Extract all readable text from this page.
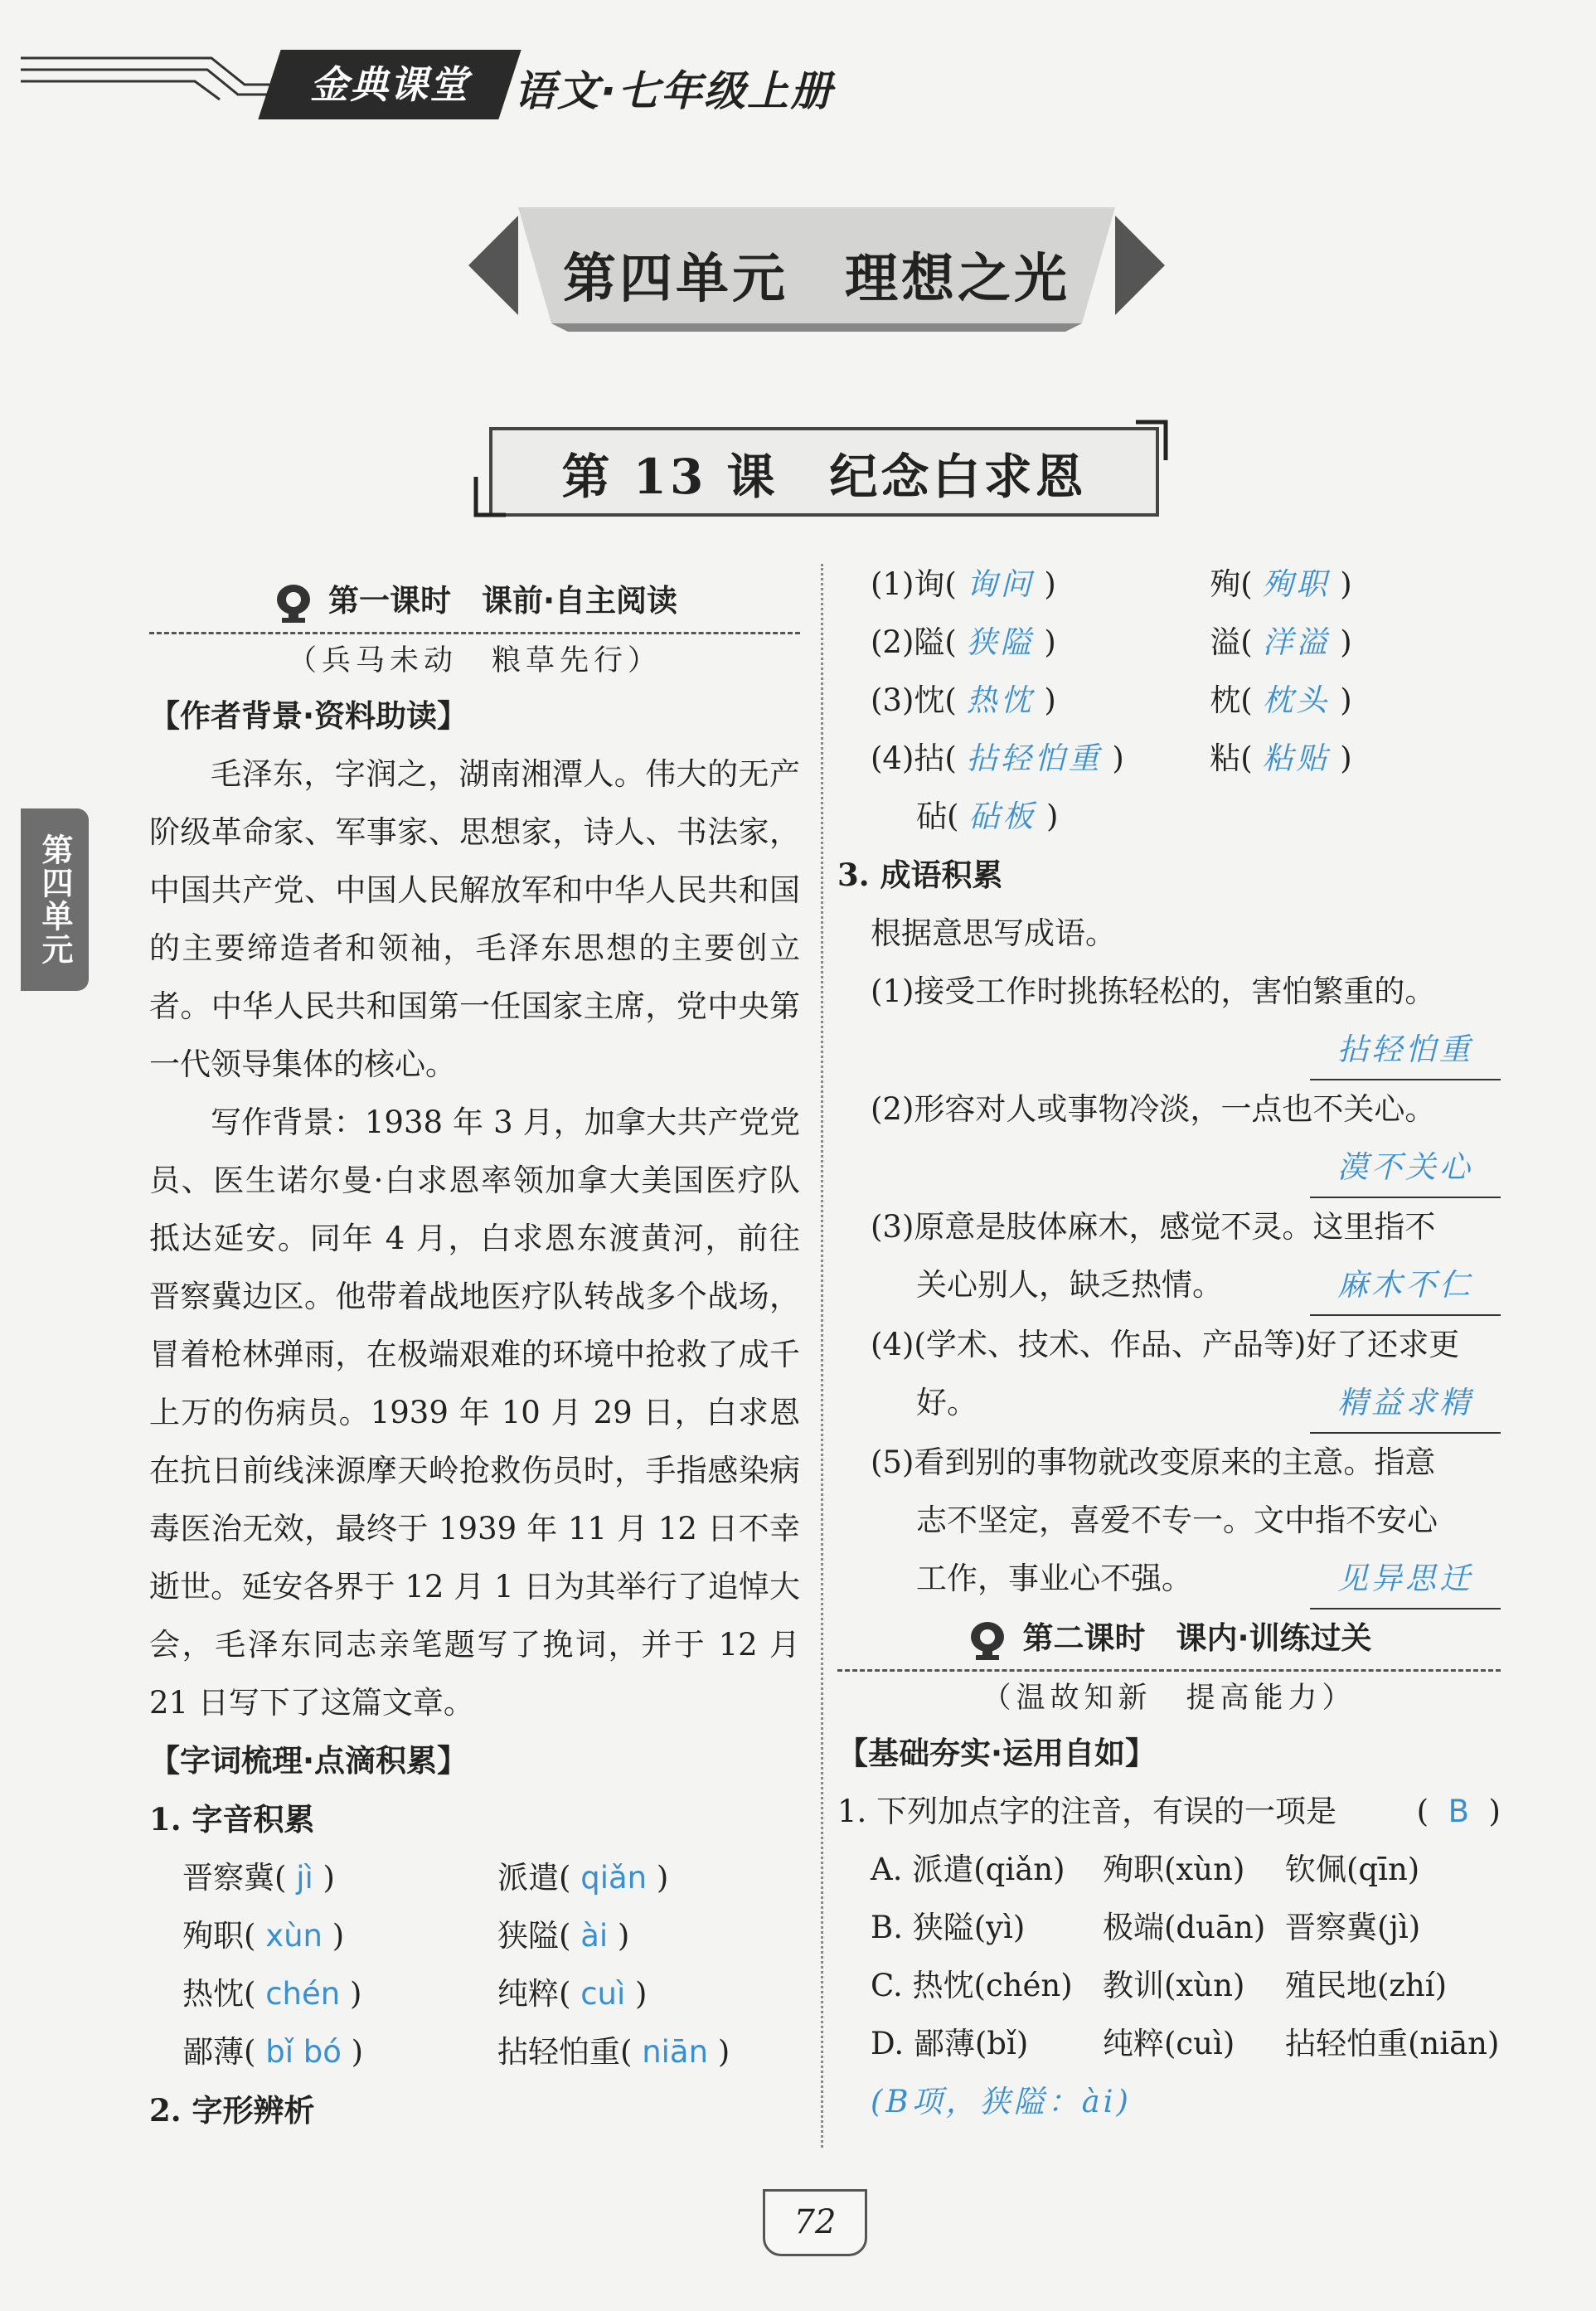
金典课堂	语文·七年级上册
第四单元　理想之光
第 13 课　纪念白求恩
第四单元
第一课时　课前·自主阅读
（兵马未动　粮草先行）
【作者背景·资料助读】

毛泽东，字润之，湖南湘潭人。伟大的无产阶级革命家、军事家、思想家，诗人、书法家，中国共产党、中国人民解放军和中华人民共和国的主要缔造者和领袖，毛泽东思想的主要创立者。中华人民共和国第一任国家主席，党中央第一代领导集体的核心。

写作背景：1938 年 3 月，加拿大共产党党员、医生诺尔曼·白求恩率领加拿大美国医疗队抵达延安。同年 4 月，白求恩东渡黄河，前往晋察冀边区。他带着战地医疗队转战多个战场，冒着枪林弹雨，在极端艰难的环境中抢救了成千上万的伤病员。1939 年 10 月 29 日，白求恩在抗日前线涞源摩天岭抢救伤员时，手指感染病毒医治无效，最终于 1939 年 11 月 12 日不幸逝世。延安各界于 12 月 1 日为其举行了追悼大会，毛泽东同志亲笔题写了挽词，并于 12 月 21 日写下了这篇文章。

【字词梳理·点滴积累】
1. 字音积累
晋察冀( jì )	派遣( qiǎn )
殉职( xùn )	狭隘( ài )
热忱( chén )	纯粹( cuì )
鄙薄( bǐ bó )	拈轻怕重( niān )
2. 字形辨析
(1)询( 询问 )	殉( 殉职 )
(2)隘( 狭隘 )	溢( 洋溢 )
(3)忱( 热忱 )	枕( 枕头 )
(4)拈( 拈轻怕重 )	粘( 粘贴 )
砧( 砧板 )
3. 成语积累
根据意思写成语。
(1)接受工作时挑拣轻松的，害怕繁重的。
拈轻怕重
(2)形容对人或事物冷淡，一点也不关心。
漠不关心
(3)原意是肢体麻木，感觉不灵。这里指不
关心别人，缺乏热情。	麻木不仁
(4)(学术、技术、作品、产品等)好了还求更
好。	精益求精
(5)看到别的事物就改变原来的主意。指意
志不坚定，喜爱不专一。文中指不安心
工作，事业心不强。	见异思迁
第二课时　课内·训练过关
（温故知新　提高能力）
【基础夯实·运用自如】
1. 下列加点字的注音，有误的一项是	(  B  )
A. 派遣(qiǎn) 殉职(xùn) 钦佩(qīn)
B. 狭隘(yì)	极端(duān) 晋察冀(jì)
C. 热忱(chén) 教训(xùn) 殖民地(zhí)
D. 鄙薄(bǐ) 纯粹(cuì) 拈轻怕重(niān)
(B项，狭隘：ài)
72
